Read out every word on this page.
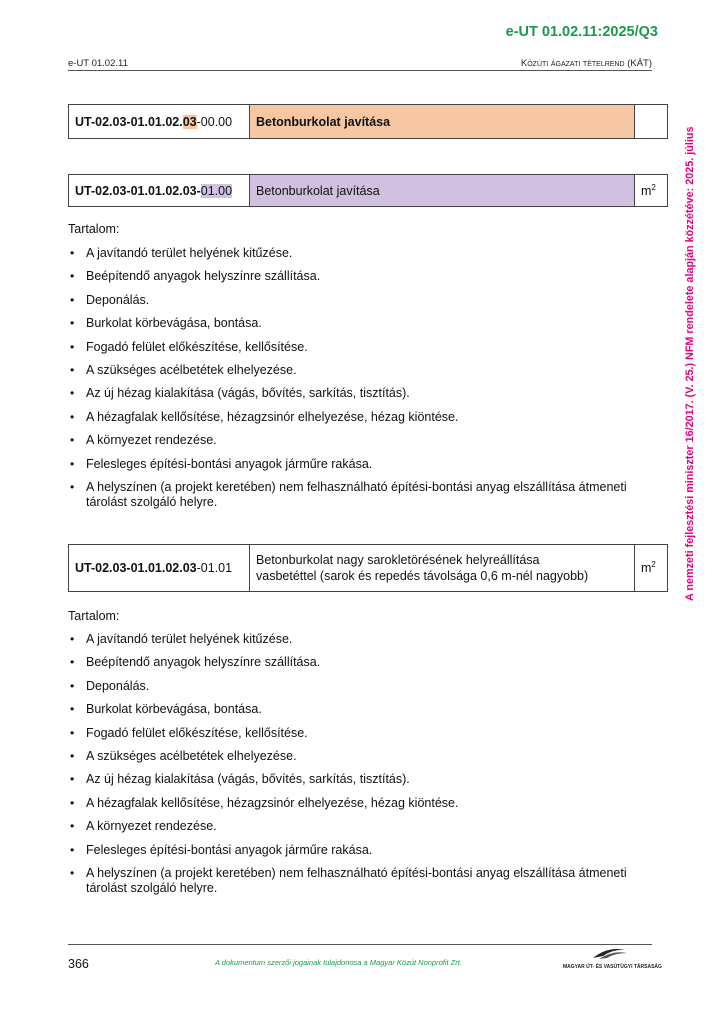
e-UT 01.02.11:2025/Q3
e-UT 01.02.11	Közúti ágazati tételrend (KÁT)
A nemzeti fejlesztési miniszter 16/2017. (V. 25.) NFM rendelete alapján közzétéve: 2025. július
UT-02.03-01.01.02.03-00.00	Betonburkolat javítása	
UT-02.03-01.01.02.03-01.00	Betonburkolat javítása	$m^2$
Tartalom:
• A javítandó terület helyének kitűzése.
• Beépítendő anyagok helyszínre szállítása.
• Deponálás.
• Burkolat körbevágása, bontása.
• Fogadó felület előkészítése, kellősítése.
• A szükséges acélbetétek elhelyezése.
• Az új hézag kialakítása (vágás, bővítés, sarkítás, tisztítás).
• A hézagfalak kellősítése, hézagzsinór elhelyezése, hézag kiöntése.
• A környezet rendezése.
• Felesleges építési-bontási anyagok járműre rakása.
• A helyszínen (a projekt keretében) nem felhasználható építési-bontási anyag elszállítása átmeneti tárolást szolgáló helyre.
UT-02.03-01.01.02.03-01.01	Betonburkolat nagy sarokletörésének helyreállítása
vasbetéttel (sarok és repedés távolsága 0,6 m-nél nagyobb)	$m^2$
Tartalom:
• A javítandó terület helyének kitűzése.
• Beépítendő anyagok helyszínre szállítása.
• Deponálás.
• Burkolat körbevágása, bontása.
• Fogadó felület előkészítése, kellősítése.
• A szükséges acélbetétek elhelyezése.
• Az új hézag kialakítása (vágás, bővítés, sarkítás, tisztítás).
• A hézagfalak kellősítése, hézagzsinór elhelyezése, hézag kiöntése.
• A környezet rendezése.
• Felesleges építési-bontási anyagok járműre rakása.
• A helyszínen (a projekt keretében) nem felhasználható építési-bontási anyag elszállítása átmeneti tárolást szolgáló helyre.
366	A dokumentum szerzői jogainak tulajdonosa a Magyar Közút Nonprofit Zrt.	MAGYAR ÚT- ÉS VASÚTÜGYI TÁRSASÁG
